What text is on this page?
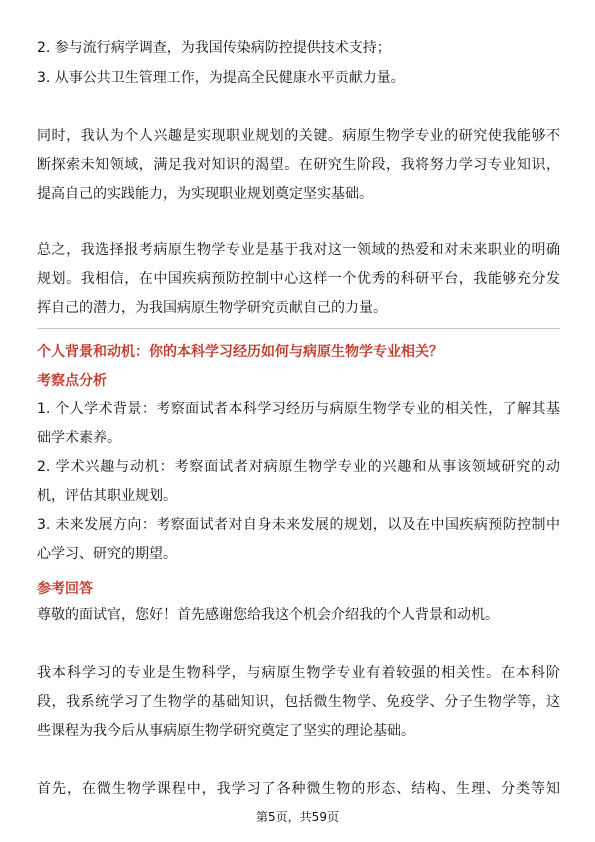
2. 参与流行病学调查，为我国传染病防控提供技术支持；
3. 从事公共卫生管理工作，为提高全民健康水平贡献力量。
同时，我认为个人兴趣是实现职业规划的关键。病原生物学专业的研究使我能够不
断探索未知领域，满足我对知识的渴望。在研究生阶段，我将努力学习专业知识，
提高自己的实践能力，为实现职业规划奠定坚实基础。
总之，我选择报考病原生物学专业是基于我对这一领域的热爱和对未来职业的明确
规划。我相信，在中国疾病预防控制中心这样一个优秀的科研平台，我能够充分发
挥自己的潜力，为我国病原生物学研究贡献自己的力量。
个人背景和动机：你的本科学习经历如何与病原生物学专业相关？
考察点分析
1. 个人学术背景：考察面试者本科学习经历与病原生物学专业的相关性，了解其基
础学术素养。
2. 学术兴趣与动机：考察面试者对病原生物学专业的兴趣和从事该领域研究的动
机，评估其职业规划。
3. 未来发展方向：考察面试者对自身未来发展的规划，以及在中国疾病预防控制中
心学习、研究的期望。
参考回答
尊敬的面试官，您好！首先感谢您给我这个机会介绍我的个人背景和动机。
我本科学习的专业是生物科学，与病原生物学专业有着较强的相关性。在本科阶
段，我系统学习了生物学的基础知识，包括微生物学、免疫学、分子生物学等，这
些课程为我今后从事病原生物学研究奠定了坚实的理论基础。
首先，在微生物学课程中，我学习了各种微生物的形态、结构、生理、分类等知
第5页，共59页
